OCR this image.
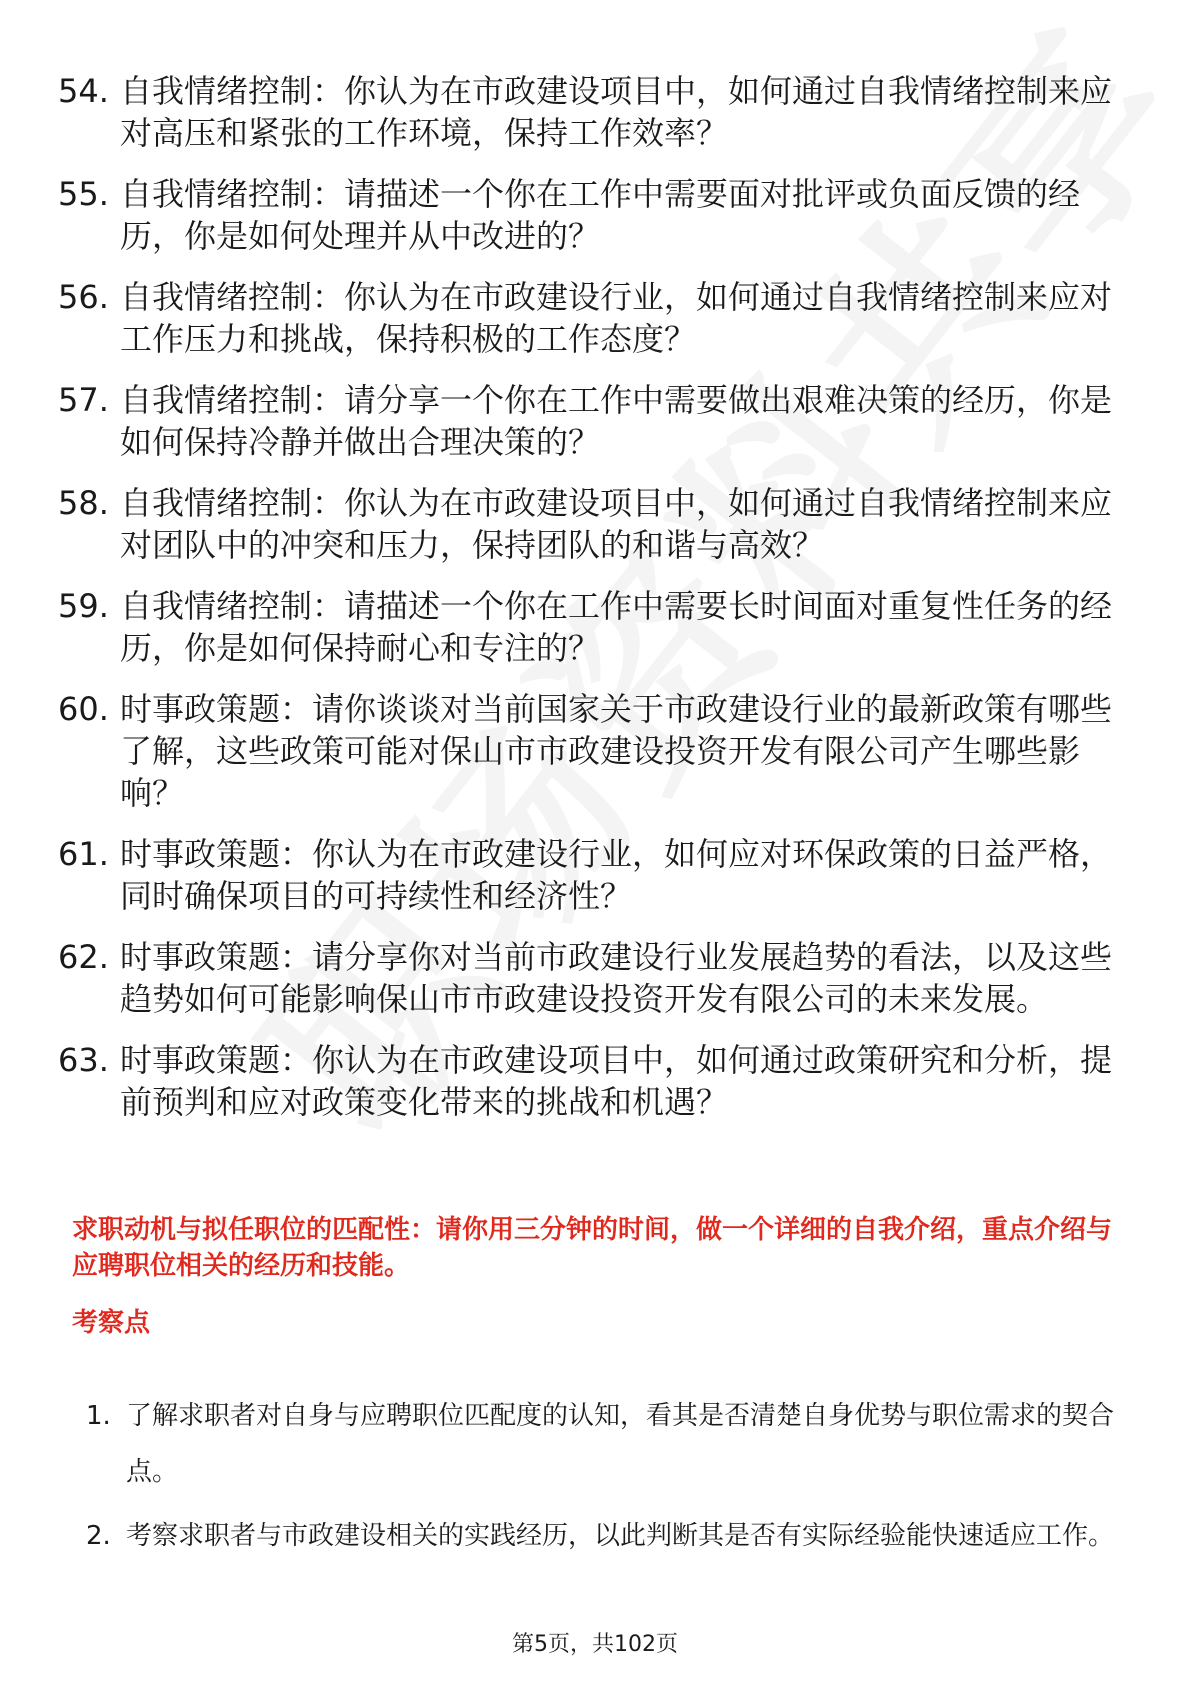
54. 自我情绪控制：你认为在市政建设项目中，如何通过自我情绪控制来应对高压和紧张的工作环境，保持工作效率？
55. 自我情绪控制：请描述一个你在工作中需要面对批评或负面反馈的经历，你是如何处理并从中改进的？
56. 自我情绪控制：你认为在市政建设行业，如何通过自我情绪控制来应对工作压力和挑战，保持积极的工作态度？
57. 自我情绪控制：请分享一个你在工作中需要做出艰难决策的经历，你是如何保持冷静并做出合理决策的？
58. 自我情绪控制：你认为在市政建设项目中，如何通过自我情绪控制来应对团队中的冲突和压力，保持团队的和谐与高效？
59. 自我情绪控制：请描述一个你在工作中需要长时间面对重复性任务的经历，你是如何保持耐心和专注的？
60. 时事政策题：请你谈谈对当前国家关于市政建设行业的最新政策有哪些了解，这些政策可能对保山市市政建设投资开发有限公司产生哪些影响？
61. 时事政策题：你认为在市政建设行业，如何应对环保政策的日益严格，同时确保项目的可持续性和经济性？
62. 时事政策题：请分享你对当前市政建设行业发展趋势的看法，以及这些趋势如何可能影响保山市市政建设投资开发有限公司的未来发展。
63. 时事政策题：你认为在市政建设项目中，如何通过政策研究和分析，提前预判和应对政策变化带来的挑战和机遇？

求职动机与拟任职位的匹配性：请你用三分钟的时间，做一个详细的自我介绍，重点介绍与应聘职位相关的经历和技能。

考察点

1. 了解求职者对自身与应聘职位匹配度的认知，看其是否清楚自身优势与职位需求的契合点。
2. 考察求职者与市政建设相关的实践经历，以此判断其是否有实际经验能快速适应工作。
第5页，共102页
